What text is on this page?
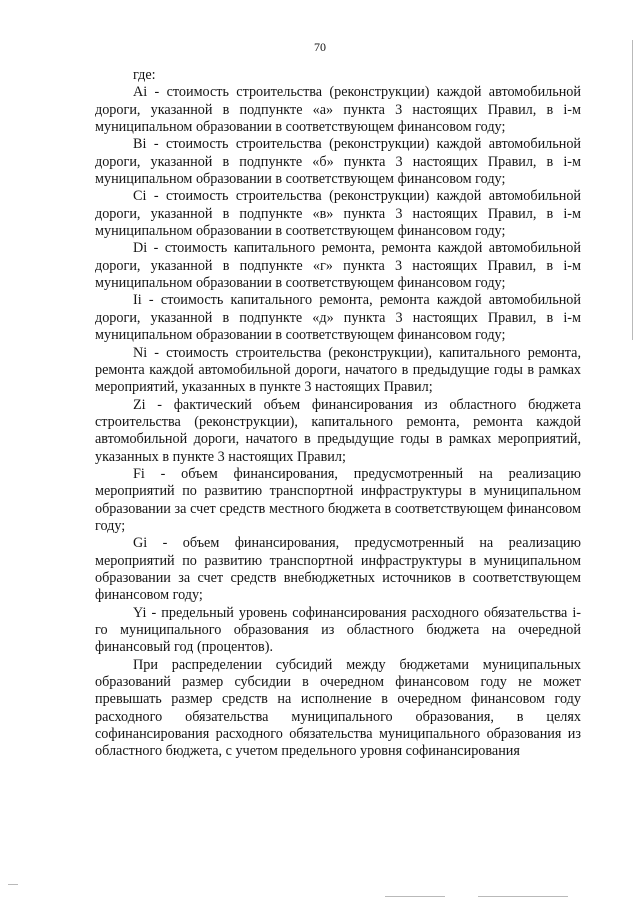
70

где:

Ai - стоимость строительства (реконструкции) каждой автомобильной дороги, указанной в подпункте «а» пункта 3 настоящих Правил, в i-м муниципальном образовании в соответствующем финансовом году;

Bi - стоимость строительства (реконструкции) каждой автомобильной дороги, указанной в подпункте «б» пункта 3 настоящих Правил, в i-м муниципальном образовании в соответствующем финансовом году;

Ci - стоимость строительства (реконструкции) каждой автомобильной дороги, указанной в подпункте «в» пункта 3 настоящих Правил, в i-м муниципальном образовании в соответствующем финансовом году;

Di - стоимость капитального ремонта, ремонта каждой автомобильной дороги, указанной в подпункте «г» пункта 3 настоящих Правил, в i-м муниципальном образовании в соответствующем финансовом году;

Ii - стоимость капитального ремонта, ремонта каждой автомобильной дороги, указанной в подпункте «д» пункта 3 настоящих Правил, в i-м муниципальном образовании в соответствующем финансовом году;

Ni - стоимость строительства (реконструкции), капитального ремонта, ремонта каждой автомобильной дороги, начатого в предыдущие годы в рамках мероприятий, указанных в пункте 3 настоящих Правил;

Zi - фактический объем финансирования из областного бюджета строительства (реконструкции), капитального ремонта, ремонта каждой автомобильной дороги, начатого в предыдущие годы в рамках мероприятий, указанных в пункте 3 настоящих Правил;

Fi - объем финансирования, предусмотренный на реализацию мероприятий по развитию транспортной инфраструктуры в муниципальном образовании за счет средств местного бюджета в соответствующем финансовом году;

Gi - объем финансирования, предусмотренный на реализацию мероприятий по развитию транспортной инфраструктуры в муниципальном образовании за счет средств внебюджетных источников в соответствующем финансовом году;

Yi - предельный уровень софинансирования расходного обязательства i-го муниципального образования из областного бюджета на очередной финансовый год (процентов).

При распределении субсидий между бюджетами муниципальных образований размер субсидии в очередном финансовом году не может превышать размер средств на исполнение в очередном финансовом году расходного обязательства муниципального образования, в целях софинансирования расходного обязательства муниципального образования из областного бюджета, с учетом предельного уровня софинансирования
